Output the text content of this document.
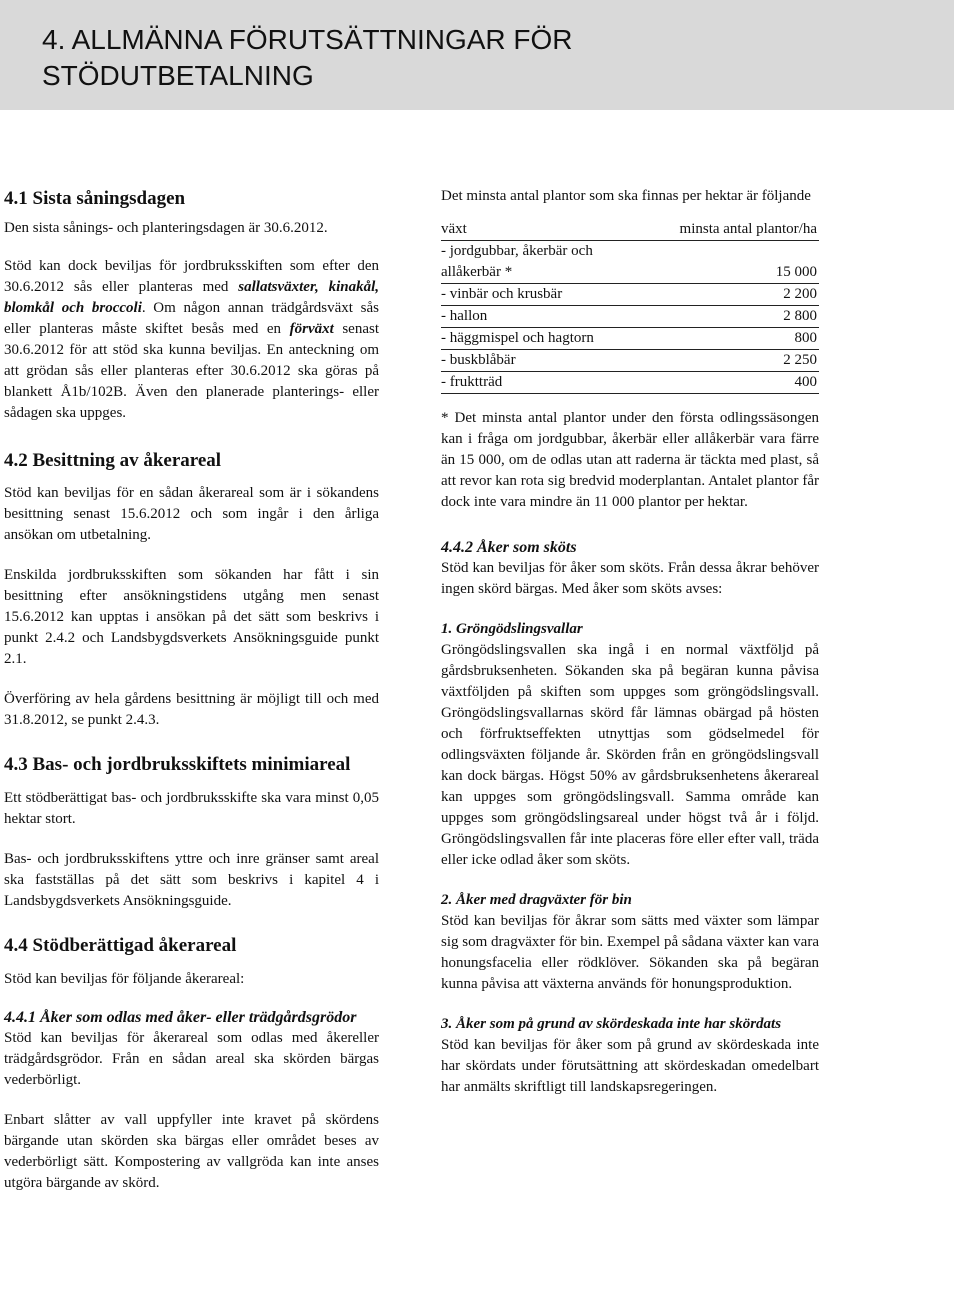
4. ALLMÄNNA FÖRUTSÄTTNINGAR FÖR
STÖDUTBETALNING
4.1 Sista såningsdagen

Den sista sånings- och planteringsdagen är 30.6.2012.

Stöd kan dock beviljas för jordbruksskiften som efter den 30.6.2012 sås eller planteras med sallatsväxter, kinakål, blomkål och broccoli. Om någon annan trädgårdsväxt sås eller planteras måste skiftet besås med en förväxt senast 30.6.2012 för att stöd ska kunna beviljas. En anteckning om att grödan sås eller planteras efter 30.6.2012 ska göras på blankett Å1b/102B. Även den planerade planterings- eller sådagen ska uppges.

4.2 Besittning av åkerareal

Stöd kan beviljas för en sådan åkerareal som är i sökandens besittning senast 15.6.2012 och som ingår i den årliga ansökan om utbetalning.

Enskilda jordbruksskiften som sökanden har fått i sin besittning efter ansökningstidens utgång men senast 15.6.2012 kan upptas i ansökan på det sätt som beskrivs i punkt 2.4.2 och Landsbygdsverkets Ansökningsguide punkt 2.1.

Överföring av hela gårdens besittning är möjligt till och med 31.8.2012, se punkt 2.4.3.

4.3 Bas- och jordbruksskiftets minimiareal

Ett stödberättigat bas- och jordbruksskifte ska vara minst 0,05 hektar stort.

Bas- och jordbruksskiftens yttre och inre gränser samt areal ska fastställas på det sätt som beskrivs i kapitel 4 i Landsbygdsverkets Ansökningsguide.

4.4 Stödberättigad åkerareal

Stöd kan beviljas för följande åkerareal:

4.4.1 Åker som odlas med åker- eller trädgårdsgrödor

Stöd kan beviljas för åkerareal som odlas med åkereller trädgårdsgrödor. Från en sådan areal ska skörden bärgas vederbörligt.

Enbart slåtter av vall uppfyller inte kravet på skördens bärgande utan skörden ska bärgas eller området beses av vederbörligt sätt. Kompostering av vallgröda kan inte anses utgöra bärgande av skörd.

Det minsta antal plantor som ska finnas per hektar är följande

växt	minsta antal plantor/ha
- jordgubbar, åkerbär och allåkerbär *	15 000
- vinbär och krusbär	2 200
- hallon	2 800
- häggmispel och hagtorn	800
- buskblåbär	2 250
- fruktträd	400

* Det minsta antal plantor under den första odlingssäsongen kan i fråga om jordgubbar, åkerbär eller allåkerbär vara färre än 15 000, om de odlas utan att raderna är täckta med plast, så att revor kan rota sig bredvid moderplantan. Antalet plantor får dock inte vara mindre än 11 000 plantor per hektar.

4.4.2 Åker som sköts

Stöd kan beviljas för åker som sköts. Från dessa åkrar behöver ingen skörd bärgas. Med åker som sköts avses:

1. Gröngödslingsvallar

Gröngödslingsvallen ska ingå i en normal växtföljd på gårdsbruksenheten. Sökanden ska på begäran kunna påvisa växtföljden på skiften som uppges som gröngödslingsvall. Gröngödslingsvallarnas skörd får lämnas obärgad på hösten och förfruktseffekten utnyttjas som gödselmedel för odlingsväxten följande år. Skörden från en gröngödslingsvall kan dock bärgas. Högst 50% av gårdsbruksenhetens åkerareal kan uppges som gröngödslingsvall. Samma område kan uppges som gröngödslingsareal under högst två år i följd. Gröngödslingsvallen får inte placeras före eller efter vall, träda eller icke odlad åker som sköts.

2. Åker med dragväxter för bin

Stöd kan beviljas för åkrar som sätts med växter som lämpar sig som dragväxter för bin. Exempel på sådana växter kan vara honungsfacelia eller rödklöver. Sökanden ska på begäran kunna påvisa att växterna används för honungsproduktion.

3. Åker som på grund av skördeskada inte har skördats

Stöd kan beviljas för åker som på grund av skördeskada inte har skördats under förutsättning att skördeskadan omedelbart har anmälts skriftligt till landskapsregeringen.
